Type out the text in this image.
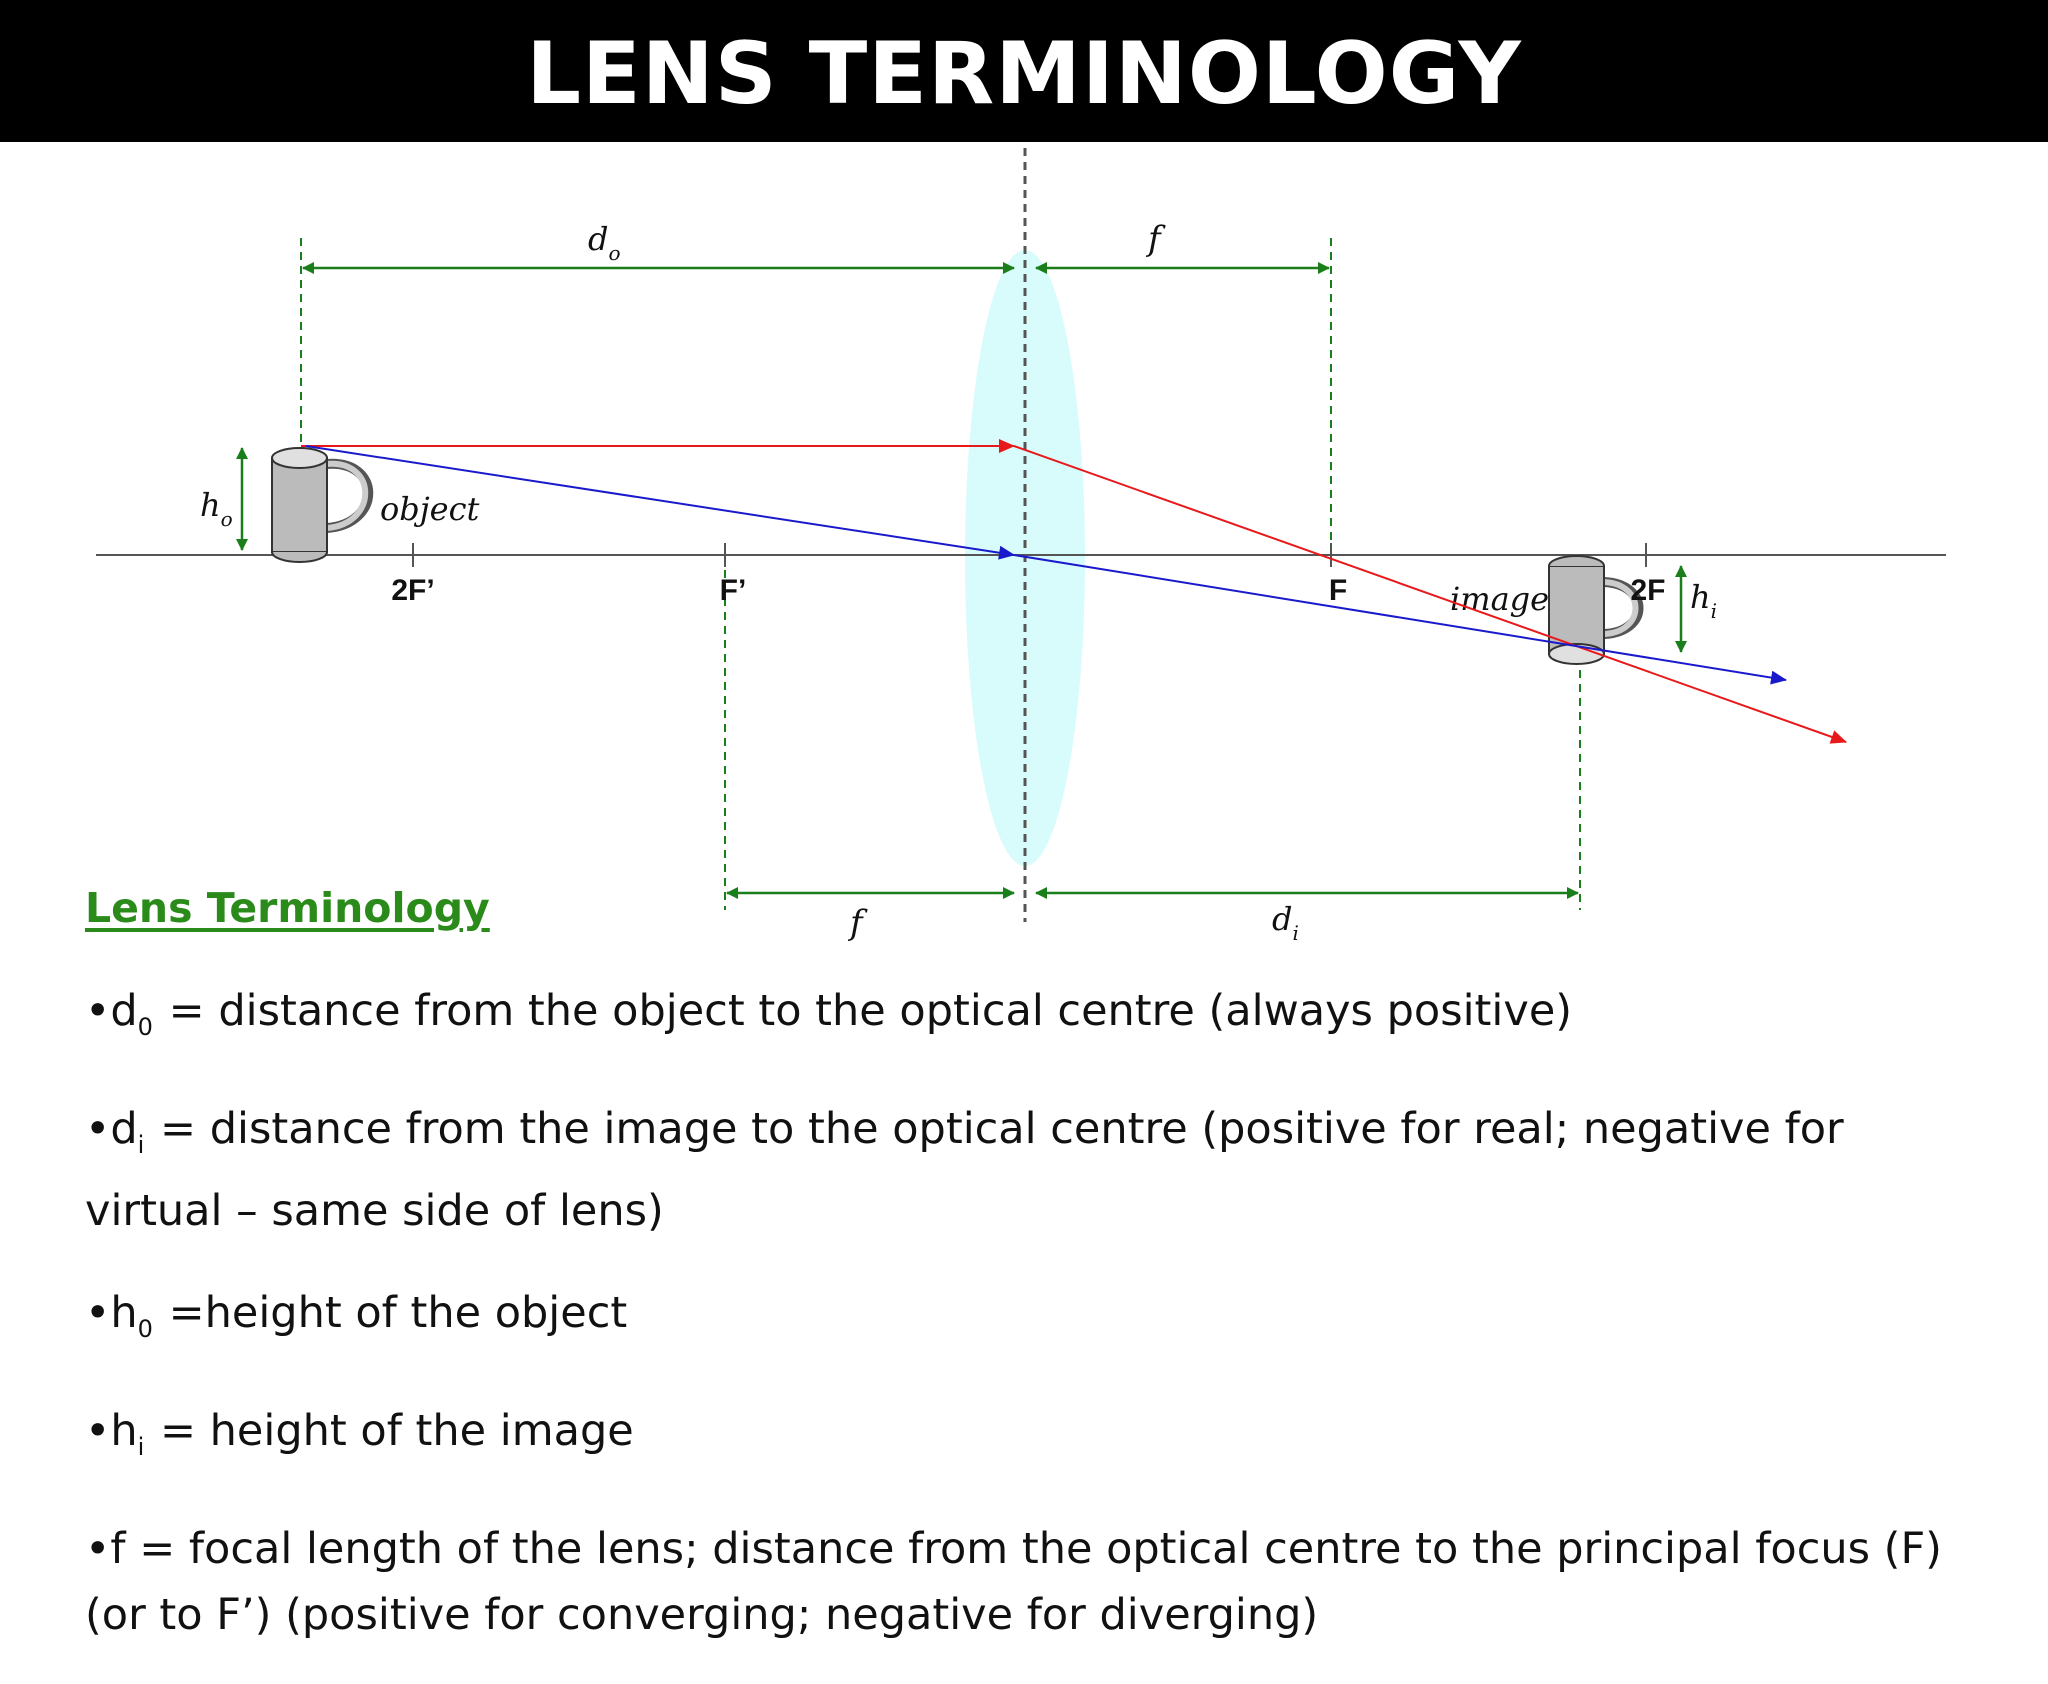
LENS TERMINOLOGY
$d_o$	f
f	$d_i$
$h_o$
$h_i$
object
2F’	F’	F	2F
image
Lens Terminology

$•d_0$ = distance from the object to the optical centre (always positive)

$•d_i$ = distance from the image to the optical centre (positive for real; negative for virtual – same side of lens)

$•h_0$ =height of the object

$•h_i$ = height of the image

•f = focal length of the lens; distance from the optical centre to the principal focus (F) (or to F’) (positive for converging; negative for diverging)
